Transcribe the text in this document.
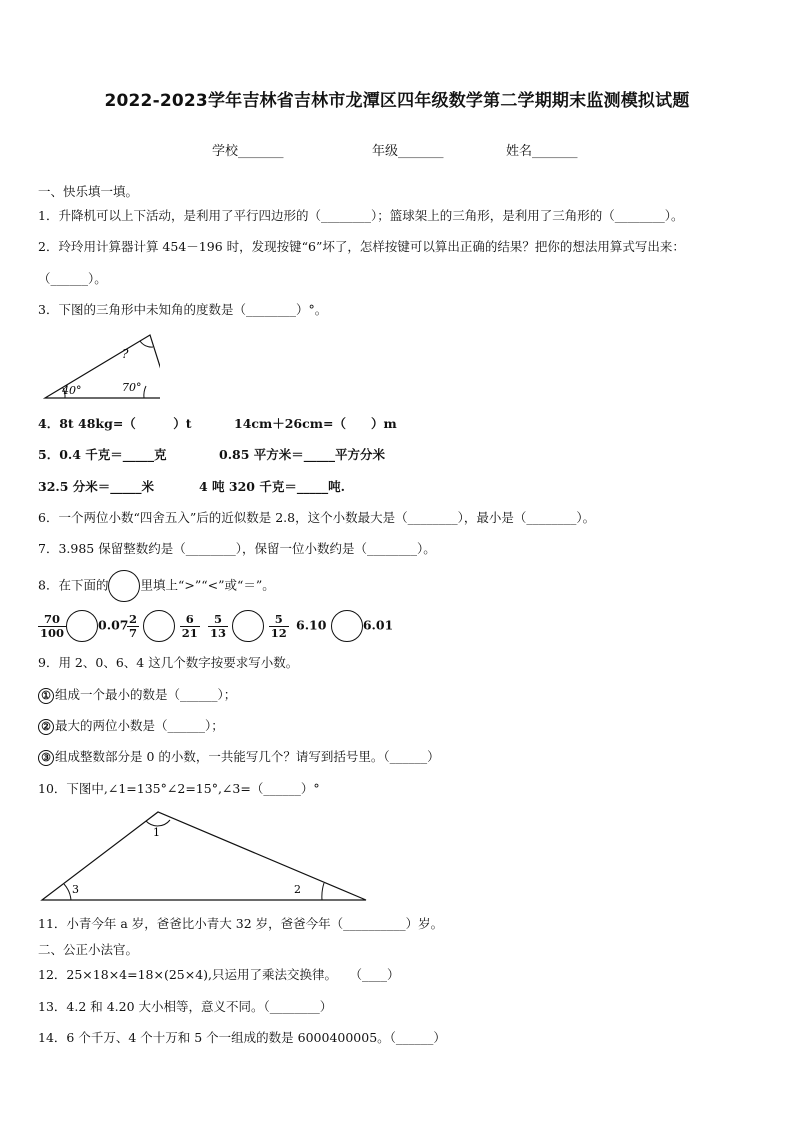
2022-2023学年吉林省吉林市龙潭区四年级数学第二学期期末监测模拟试题
学校_______	年级_______	姓名_______
一、快乐填一填。
1．升降机可以上下活动，是利用了平行四边形的（________）；篮球架上的三角形，是利用了三角形的（________）。
2．玲玲用计算器计算 454－196 时，发现按键“6”坏了，怎样按键可以算出正确的结果？把你的想法用算式写出来：
（______）。
3．下图的三角形中未知角的度数是（________）°。
40°	70°
?
4．8t 48kg=（　　　）t	14cm＋26cm=（　　）m
5．0.4 千克＝_____克	0.85 平方米＝_____平方分米
32.5 分米＝_____米	4 吨 320 千克＝_____吨.
6．一个两位小数“四舍五入”后的近似数是 2.8，这个小数最大是（________），最小是（________）。
7．3.985 保留整数约是（________），保留一位小数约是（________）。
8．在下面的	里填上“>”“<”或“＝”。
$\frac{70}{100}$	0.07
$\frac{2}{7}$
	$\frac{6}{21} \frac{5}{13}$
	$\frac{5}{12} 6.10$	6.01
9．用 2、0、6、4 这几个数字按要求写小数。
① 组成一个最小的数是（______）；
② 最大的两位小数是（______）；
③ 组成整数部分是 0 的小数，一共能写几个？请写到括号里。（______）
10．下图中,∠1=135°∠2=15°,∠3=（______）°
1
3	2
11．小青今年 a 岁，爸爸比小青大 32 岁，爸爸今年（__________）岁。
二、公正小法官。
12．25×18×4=18×(25×4),只运用了乘法交换律。　　（____）
13．4.2 和 4.20 大小相等，意义不同。（________）
14．6 个千万、4 个十万和 5 个一组成的数是 6000400005。（______）
